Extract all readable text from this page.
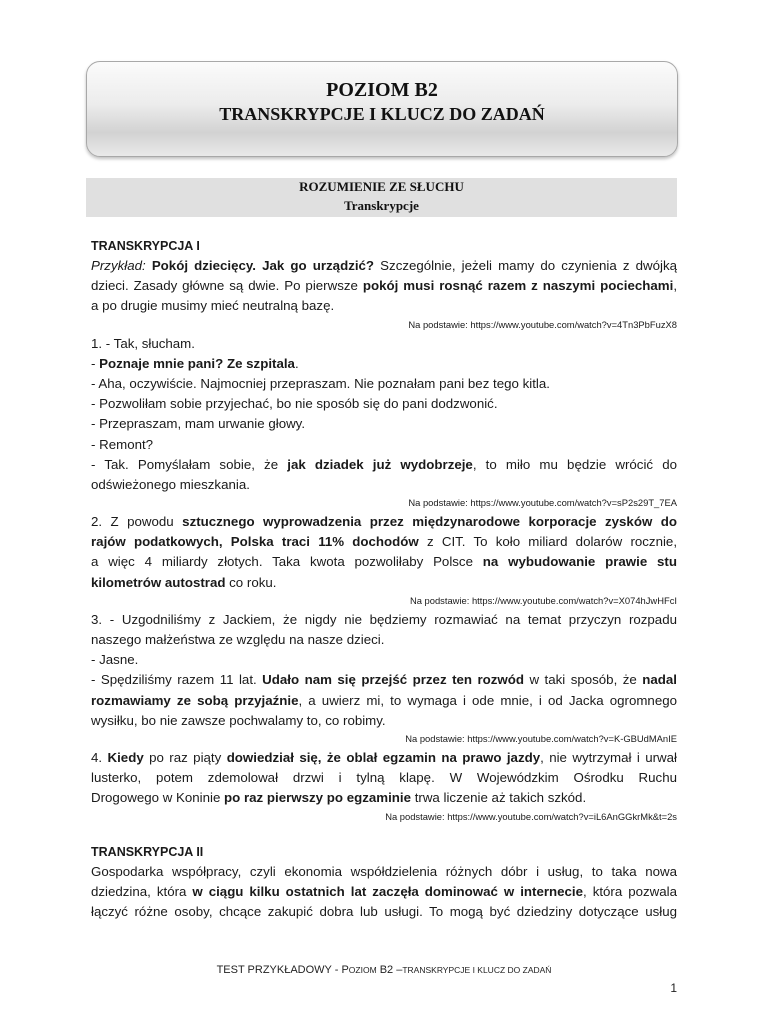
POZIOM B2
TRANSKRYPCJE I KLUCZ DO ZADAŃ
ROZUMIENIE ZE SŁUCHU
Transkrypcje
TRANSKRYPCJA I
Przykład: Pokój dziecięcy. Jak go urządzić? Szczególnie, jeżeli mamy do czynienia z dwójką
dzieci. Zasady główne są dwie. Po pierwsze pokój musi rosnąć razem z naszymi pociechami,
a po drugie musimy mieć neutralną bazę.
Na podstawie: https://www.youtube.com/watch?v=4Tn3PbFuzX8
1. - Tak, słucham.
- Poznaje mnie pani? Ze szpitala.
- Aha, oczywiście. Najmocniej przepraszam. Nie poznałam pani bez tego kitla.
- Pozwoliłam sobie przyjechać, bo nie sposób się do pani dodzwonić.
- Przepraszam, mam urwanie głowy.
- Remont?
- Tak. Pomyślałam sobie, że jak dziadek już wydobrzeje, to miło mu będzie wrócić do
odświeżonego mieszkania.
Na podstawie: https://www.youtube.com/watch?v=sP2s29T_7EA
2. Z powodu sztucznego wyprowadzenia przez międzynarodowe korporacje zysków do
rajów podatkowych, Polska traci 11% dochodów z CIT. To koło miliard dolarów rocznie,
a więc 4 miliardy złotych. Taka kwota pozwoliłaby Polsce na wybudowanie prawie stu
kilometrów autostrad co roku.
Na podstawie: https://www.youtube.com/watch?v=X074hJwHFcI
3. - Uzgodniliśmy z Jackiem, że nigdy nie będziemy rozmawiać na temat przyczyn rozpadu
naszego małżeństwa ze względu na nasze dzieci.
- Jasne.
- Spędziliśmy razem 11 lat. Udało nam się przejść przez ten rozwód w taki sposób, że nadal
rozmawiamy ze sobą przyjaźnie, a uwierz mi, to wymaga i ode mnie, i od Jacka ogromnego
wysiłku, bo nie zawsze pochwalamy to, co robimy.
Na podstawie: https://www.youtube.com/watch?v=K-GBUdMAnIE
4. Kiedy po raz piąty dowiedział się, że oblał egzamin na prawo jazdy, nie wytrzymał i urwał
lusterko, potem zdemolował drzwi i tylną klapę. W Wojewódzkim Ośrodku Ruchu
Drogowego w Koninie po raz pierwszy po egzaminie trwa liczenie aż takich szkód.
Na podstawie: https://www.youtube.com/watch?v=iL6AnGGkrMk&t=2s
TRANSKRYPCJA II
Gospodarka współpracy, czyli ekonomia współdzielenia różnych dóbr i usług, to taka nowa
dziedzina, która w ciągu kilku ostatnich lat zaczęła dominować w internecie, która pozwala
łączyć różne osoby, chcące zakupić dobra lub usługi. To mogą być dziedziny dotyczące usług
TEST PRZYKŁADOWY - POZIOM B2 –TRANSKRYPCJE I KLUCZ DO ZADAŃ
1
